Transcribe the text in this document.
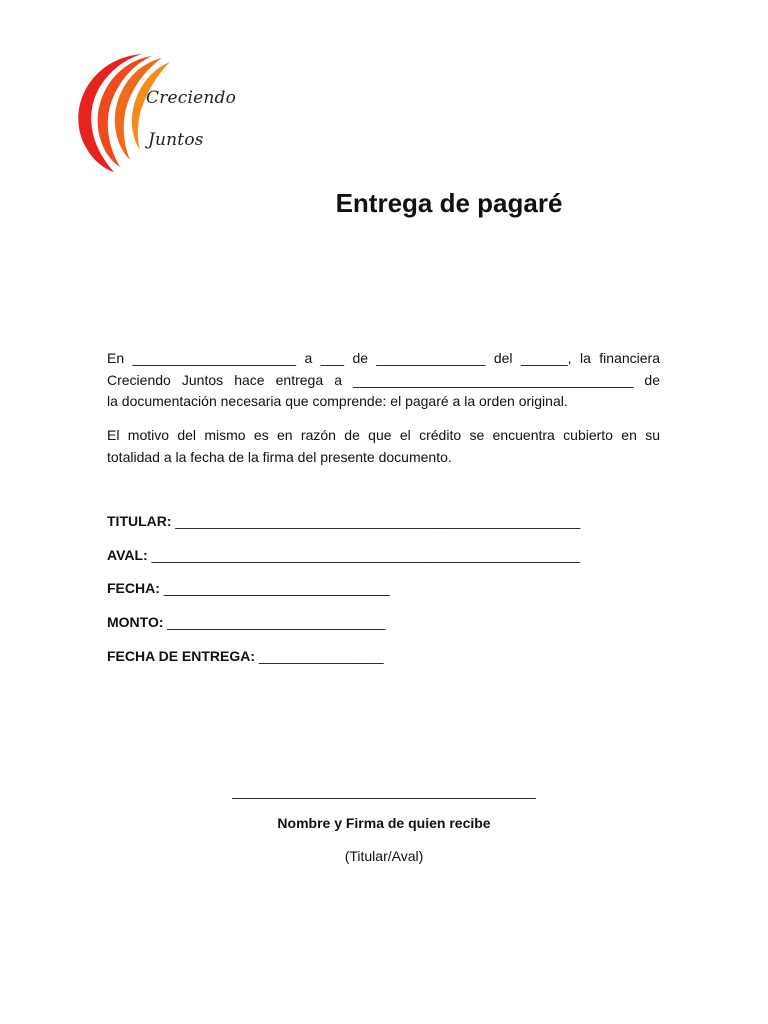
Creciendo
Juntos
Entrega de pagaré
En _____________________ a ___ de ______________ del ______, la financiera
Creciendo Juntos hace entrega a ____________________________________ de
la documentación necesaria que comprende: el pagaré a la orden original.
El motivo del mismo es en razón de que el crédito se encuentra cubierto en su
totalidad a la fecha de la firma del presente documento.
TITULAR: ____________________________________________________
AVAL: _______________________________________________________
FECHA: _____________________________
MONTO: ____________________________
FECHA DE ENTREGA: ________________
_______________________________________
Nombre y Firma de quien recibe
(Titular/Aval)
